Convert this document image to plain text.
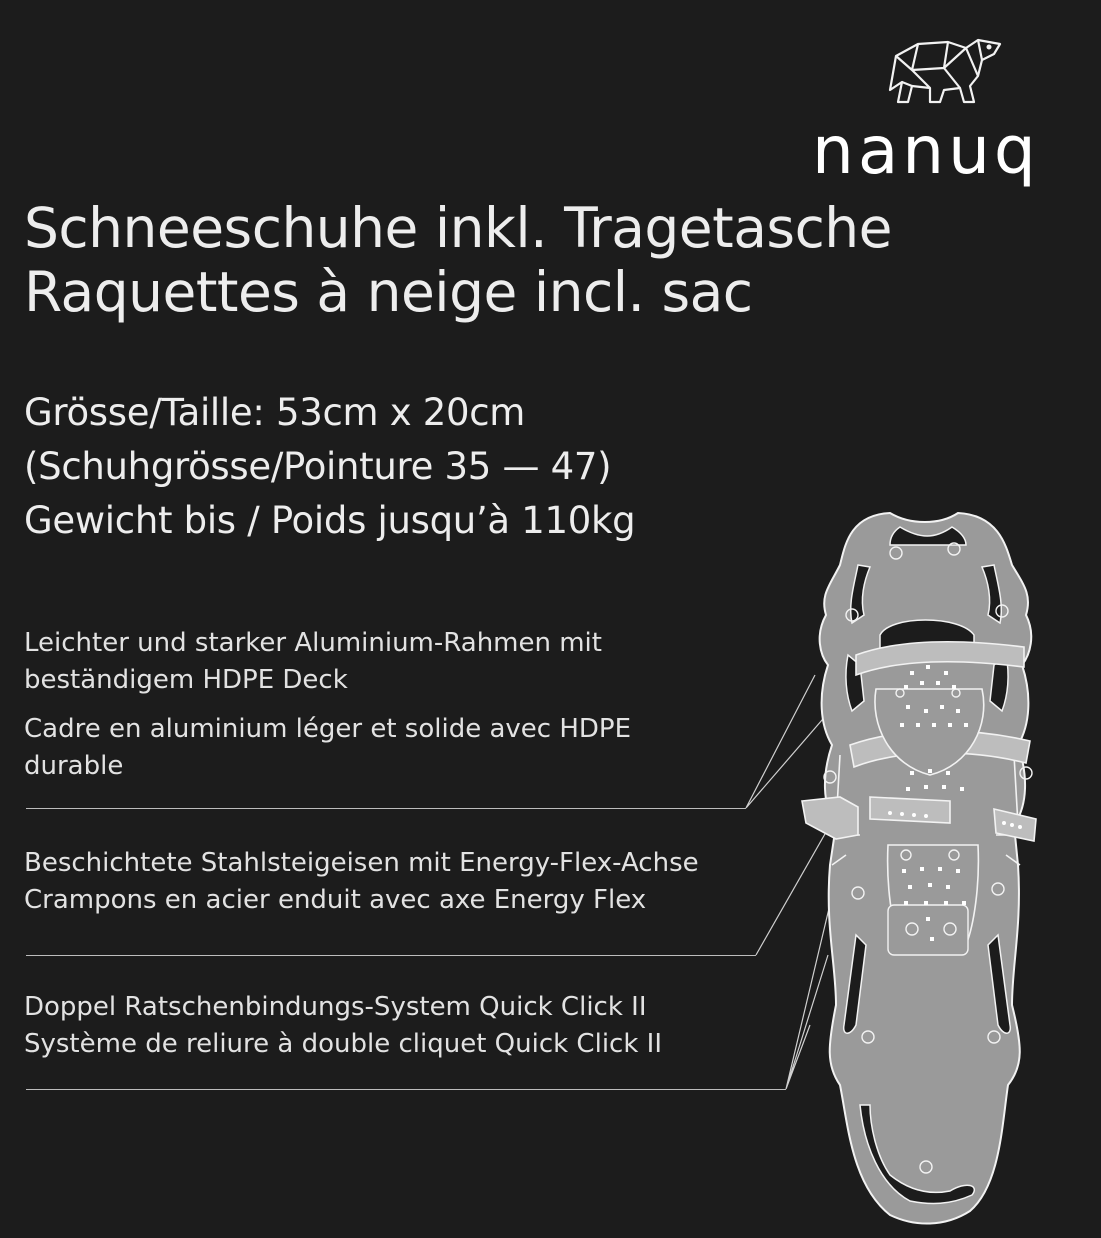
nanuq
Schneeschuhe inkl. Tragetasche
Raquettes à neige incl. sac
Grösse/Taille: 53cm x 20cm
(Schuhgrösse/Pointure 35 — 47)
Gewicht bis / Poids jusqu’à 110kg

Leichter und starker Aluminium-Rahmen mit beständigem HDPE Deck

Cadre en aluminium léger et solide avec HDPE durable

Beschichtete Stahlsteigeisen mit Energy-Flex-Achse

Crampons en acier enduit avec axe Energy Flex

Doppel Ratschenbindungs-System Quick Click II

Système de reliure à double cliquet Quick Click II
